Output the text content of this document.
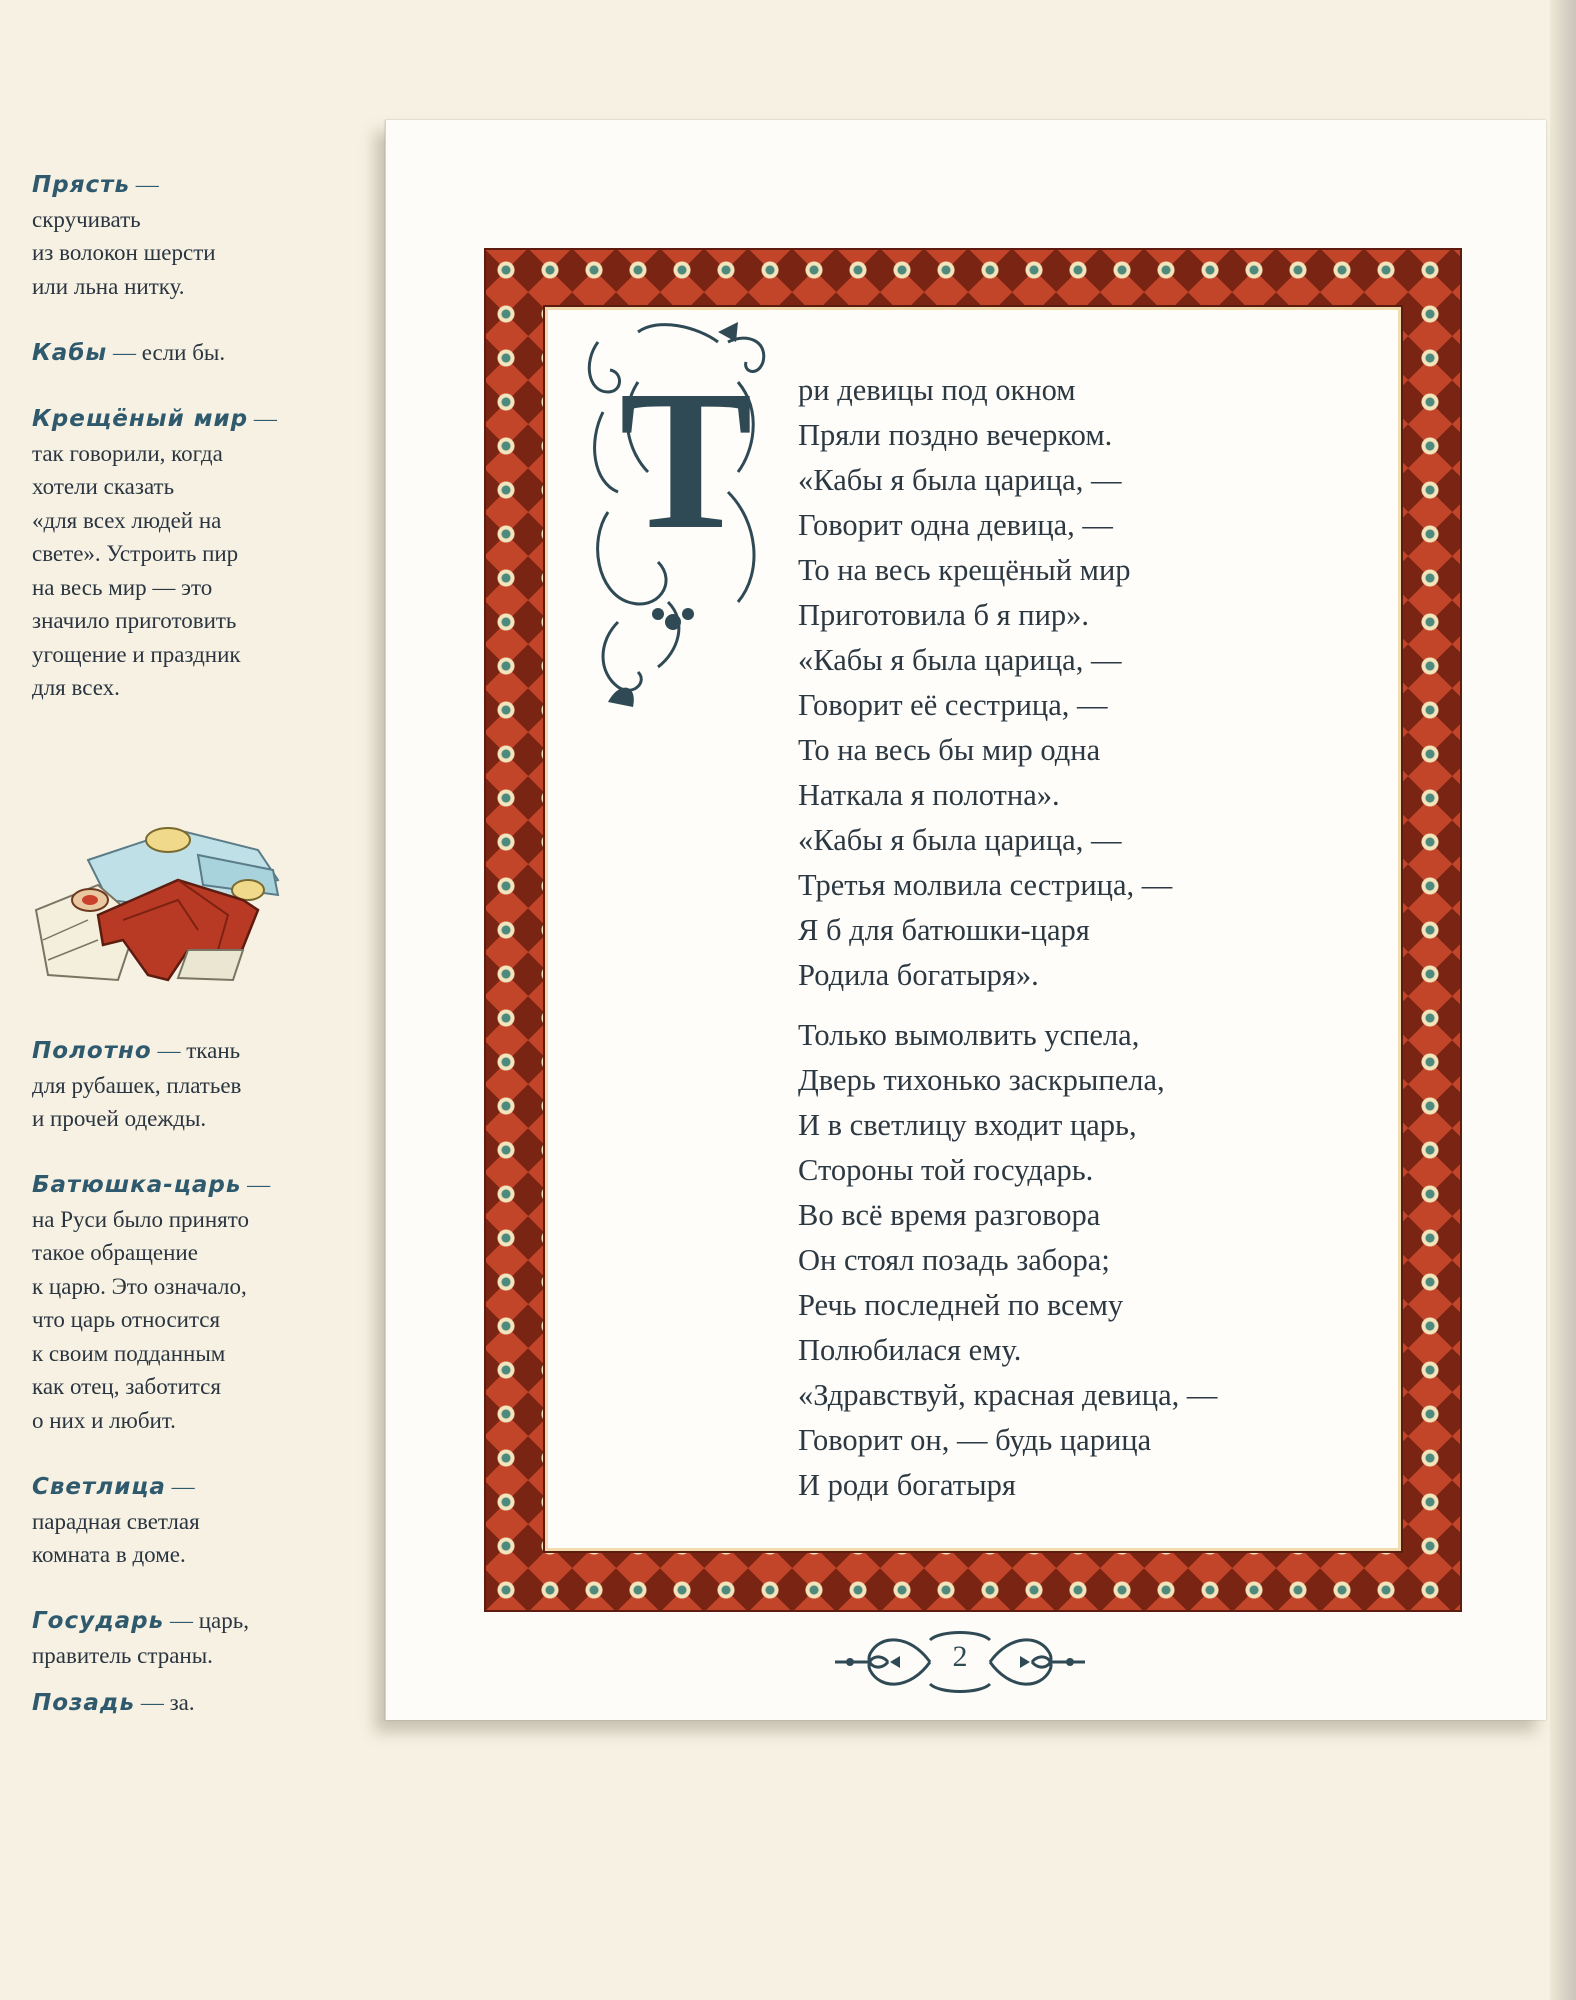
Прясть —
скручивать
из волокон шерсти
или льна нитку.
Кабы — если бы.
Крещёный мир —
так говорили, когда
хотели сказать
«для всех людей на
свете». Устроить пир
на весь мир — это
значило приготовить
угощение и праздник
для всех.
Полотно — ткань
для рубашек, платьев
и прочей одежды.
Батюшка-царь —
на Руси было принято
такое обращение
к царю. Это означало,
что царь относится
к своим подданным
как отец, заботится
о них и любит.
Светлица —
парадная светлая
комната в доме.
Государь — царь,
правитель страны.
Позадь — за.
Т ри девицы под окном
Пряли поздно вечерком.
«Кабы я была царица, —
Говорит одна девица, —
То на весь крещёный мир
Приготовила б я пир».
«Кабы я была царица, —
Говорит её сестрица, —
То на весь бы мир одна
Наткала я полотна».
«Кабы я была царица, —
Третья молвила сестрица, —
Я б для батюшки-царя
Родила богатыря».
Только вымолвить успела,
Дверь тихонько заскрыпела,
И в светлицу входит царь,
Стороны той государь.
Во всё время разговора
Он стоял позадь забора;
Речь последней по всему
Полюбилася ему.
«Здравствуй, красная девица, —
Говорит он, — будь царица
И роди богатыря
2
